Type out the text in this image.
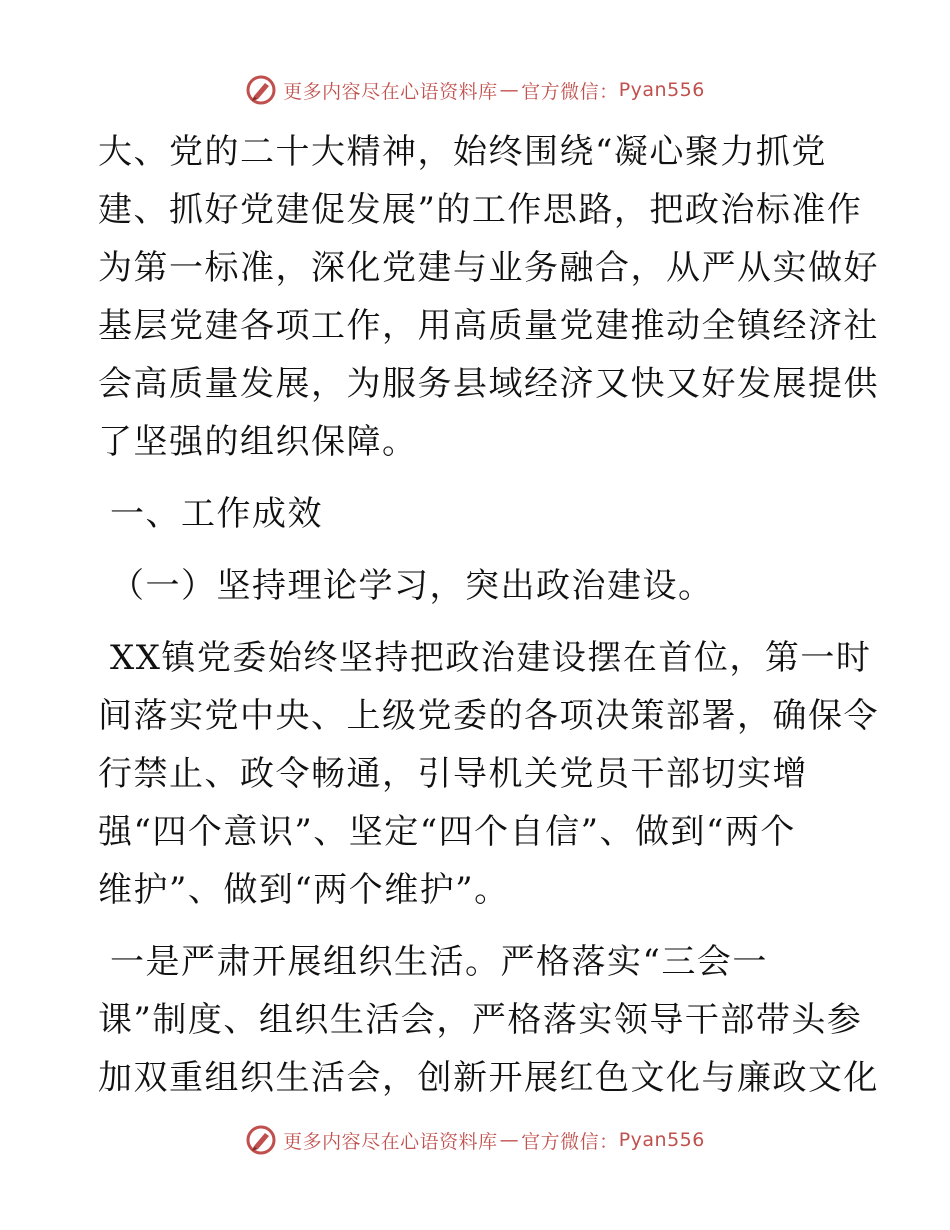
更多内容尽在心语资料库 — 官方微信： Pyan556

大、党的二十大精神，始终围绕“凝心聚力抓党
建、抓好党建促发展”的工作思路，把政治标准作
为第一标准，深化党建与业务融合，从严从实做好
基层党建各项工作，用高质量党建推动全镇经济社
会高质量发展，为服务县域经济又快又好发展提供
了坚强的组织保障。

一、工作成效

（一）坚持理论学习，突出政治建设。

XX镇党委始终坚持把政治建设摆在首位，第一时
间落实党中央、上级党委的各项决策部署，确保令
行禁止、政令畅通，引导机关党员干部切实增
强“四个意识”、坚定“四个自信”、做到“两个
维护”、做到“两个维护”。

一是严肃开展组织生活。严格落实“三会一
课”制度、组织生活会，严格落实领导干部带头参
加双重组织生活会，创新开展红色文化与廉政文化

更多内容尽在心语资料库 — 官方微信： Pyan556
